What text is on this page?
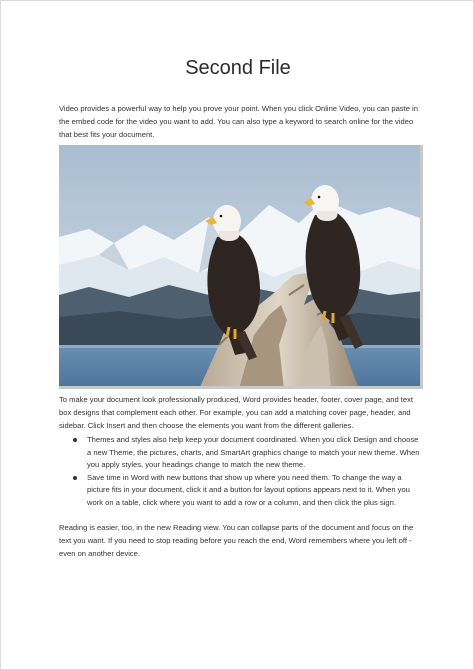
Second File

Video provides a powerful way to help you prove your point. When you click Online Video, you can paste in the embed code for the video you want to add. You can also type a keyword to search online for the video that best fits your document.

To make your document look professionally produced, Word provides header, footer, cover page, and text box designs that complement each other. For example, you can add a matching cover page, header, and sidebar. Click Insert and then choose the elements you want from the different galleries.

Themes and styles also help keep your document coordinated. When you click Design and choose a new Theme, the pictures, charts, and SmartArt graphics change to match your new theme. When you apply styles, your headings change to match the new theme.
Save time in Word with new buttons that show up where you need them. To change the way a picture fits in your document, click it and a button for layout options appears next to it. When you work on a table, click where you want to add a row or a column, and then click the plus sign.

Reading is easier, too, in the new Reading view. You can collapse parts of the document and focus on the text you want. If you need to stop reading before you reach the end, Word remembers where you left off - even on another device.
